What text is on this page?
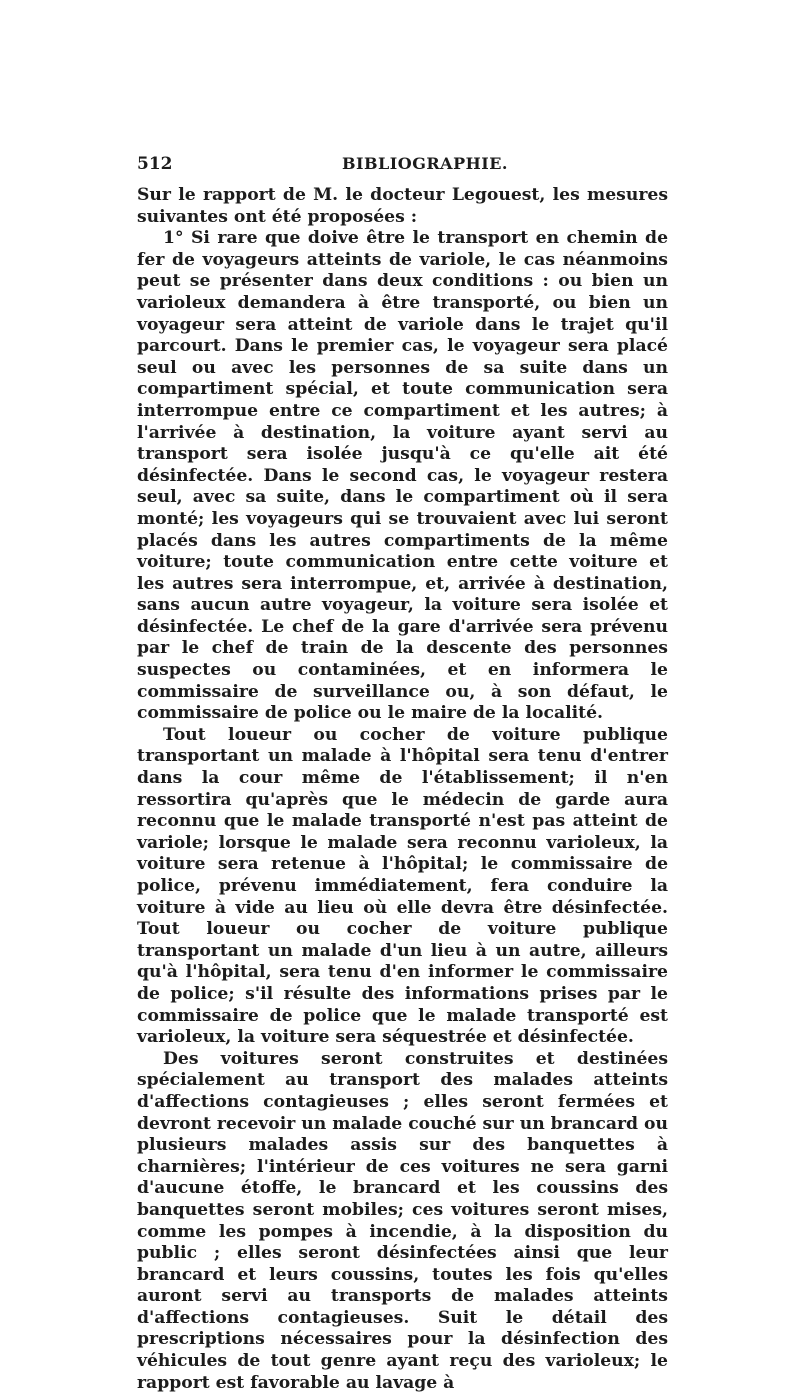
512	BIBLIOGRAPHIE.

Sur le rapport de M. le docteur Legouest, les mesures suivantes ont été proposées :

1° Si rare que doive être le transport en chemin de fer de voyageurs atteints de variole, le cas néanmoins peut se présenter dans deux conditions : ou bien un varioleux demandera à être transporté, ou bien un voyageur sera atteint de variole dans le trajet qu'il parcourt. Dans le premier cas, le voyageur sera placé seul ou avec les personnes de sa suite dans un compartiment spécial, et toute communication sera interrompue entre ce compartiment et les autres; à l'arrivée à destination, la voiture ayant servi au transport sera isolée jusqu'à ce qu'elle ait été désinfectée. Dans le second cas, le voyageur restera seul, avec sa suite, dans le compartiment où il sera monté; les voyageurs qui se trouvaient avec lui seront placés dans les autres compartiments de la même voiture; toute communication entre cette voiture et les autres sera interrompue, et, arrivée à destination, sans aucun autre voyageur, la voiture sera isolée et désinfectée. Le chef de la gare d'arrivée sera prévenu par le chef de train de la descente des personnes suspectes ou contaminées, et en informera le commissaire de surveillance ou, à son défaut, le commissaire de police ou le maire de la localité.

Tout loueur ou cocher de voiture publique transportant un malade à l'hôpital sera tenu d'entrer dans la cour même de l'établissement; il n'en ressortira qu'après que le médecin de garde aura reconnu que le malade transporté n'est pas atteint de variole; lorsque le malade sera reconnu varioleux, la voiture sera retenue à l'hôpital; le commissaire de police, prévenu immédiatement, fera conduire la voiture à vide au lieu où elle devra être désinfectée. Tout loueur ou cocher de voiture publique transportant un malade d'un lieu à un autre, ailleurs qu'à l'hôpital, sera tenu d'en informer le commissaire de police; s'il résulte des informations prises par le commissaire de police que le malade transporté est varioleux, la voiture sera séquestrée et désinfectée.

Des voitures seront construites et destinées spécialement au transport des malades atteints d'affections contagieuses ; elles seront fermées et devront recevoir un malade couché sur un brancard ou plusieurs malades assis sur des banquettes à charnières; l'intérieur de ces voitures ne sera garni d'aucune étoffe, le brancard et les coussins des banquettes seront mobiles; ces voitures seront mises, comme les pompes à incendie, à la disposition du public ; elles seront désinfectées ainsi que leur brancard et leurs coussins, toutes les fois qu'elles auront servi au transports de malades atteints d'affections contagieuses. Suit le détail des prescriptions nécessaires pour la désinfection des véhicules de tout genre ayant reçu des varioleux; le rapport est favorable au lavage à
